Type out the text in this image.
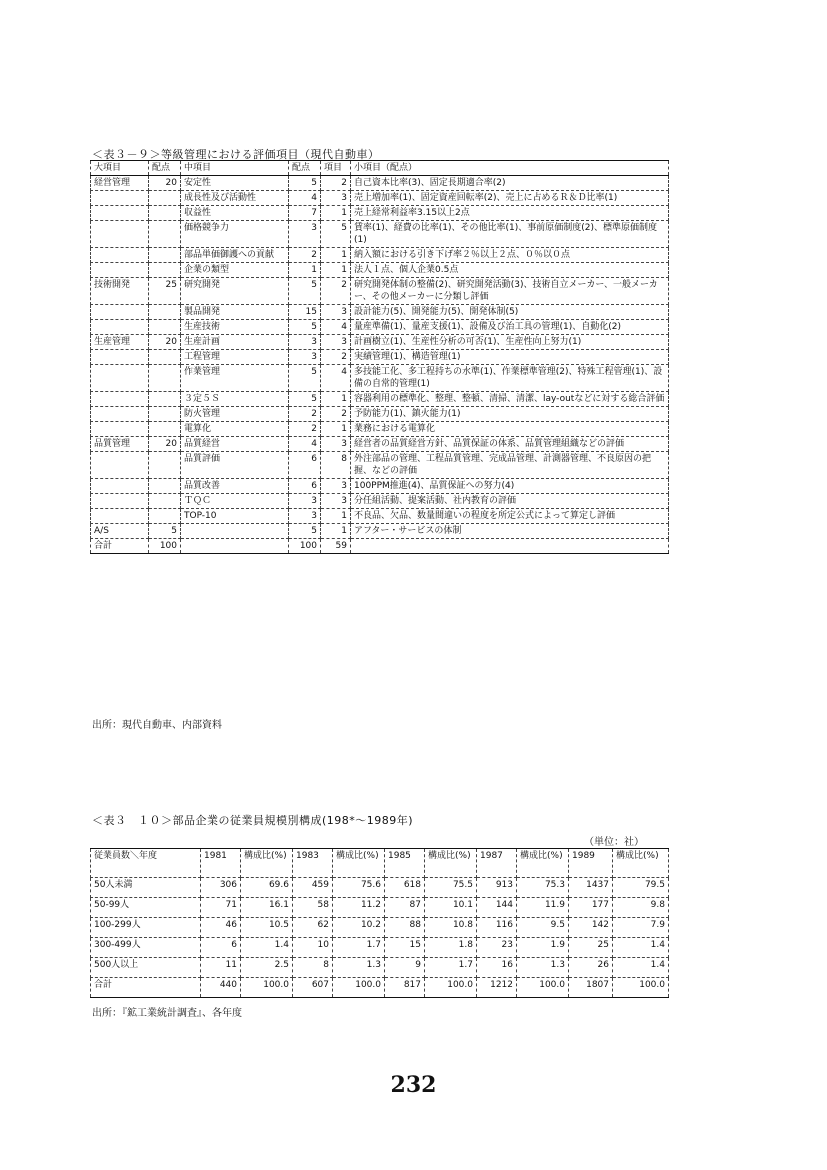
＜表３－９＞等級管理における評価項目（現代自動車）
大項目	配点	中項目	配点	項目	小項目（配点）
経営管理	20	安定性	5	2	自己資本比率(3)、固定長期適合率(2)
		成長性及び活動性	4	3	売上増加率(1)、固定資産回転率(2)、売上に占めるＲ＆Ｄ比率(1)
		収益性	7	1	売上経常利益率3.15以上2点
		価格競争力	3	5	賃率(1)、経費の比率(1)、その他比率(1)、事前原価制度(2)、標準原価制度(1)
		部品単価御護への貢献	2	1	納入額における引き下げ率２％以上２点、０％以０点
		企業の類型	1	1	法人１点、個人企業0.5点
技術開発	25	研究開発	5	2	研究開発体制の整備(2)、研究開発活動(3)、技術自立メーカー、一般メーカー、その他メーカーに分類し評価
		製品開発	15	3	設計能力(5)、開発能力(5)、開発体制(5)
		生産技術	5	4	量産準備(1)、量産支援(1)、設備及び治工具の管理(1)、自動化(2)
生産管理	20	生産計画	3	3	計画樹立(1)、生産性分析の可否(1)、生産性向上努力(1)
		工程管理	3	2	実績管理(1)、構造管理(1)
		作業管理	5	4	多技能工化、多工程持ちの水準(1)、作業標準管理(2)、特殊工程管理(1)、設備の自常的管理(1)
		３定５Ｓ	5	1	容器利用の標準化、整理、整頓、清掃、清潔、lay-outなどに対する総合評価
		防火管理	2	2	予防能力(1)、鎮火能力(1)
		電算化	2	1	業務における電算化
品質管理	20	品質経営	4	3	経営者の品質経営方針、品質保証の体系、品質管理組織などの評価
		品質評価	6	8	外注部品の管理、工程品質管理、完成品管理、計測器管理、不良原因の把握、などの評価
		品質改善	6	3	100PPM推進(4)、品質保証への努力(4)
		ＴＱＣ	3	3	分任組活動、提案活動、社内教育の評価
		TOP-10	3	1	不良品、欠品、数量間違いの程度を所定公式によって算定し評価
A/S	5		5	1	アフター・サービスの体制
合計	100		100	59	
出所：現代自動車、内部資料
＜表３　１０＞部品企業の従業員規模別構成(198*～1989年)
（単位：社）
従業員数＼年度	1981	構成比(%)	1983	構成比(%)	1985	構成比(%)	1987	構成比(%)	1989	構成比(%)
50人未満	306	69.6	459	75.6	618	75.5	913	75.3	1437	79.5
50-99人	71	16.1	58	11.2	87	10.1	144	11.9	177	9.8
100-299人	46	10.5	62	10.2	88	10.8	116	9.5	142	7.9
300-499人	6	1.4	10	1.7	15	1.8	23	1.9	25	1.4
500人以上	11	2.5	8	1.3	9	1.7	16	1.3	26	1.4
合計	440	100.0	607	100.0	817	100.0	1212	100.0	1807	100.0
出所：『鉱工業統計調査』、各年度
232
